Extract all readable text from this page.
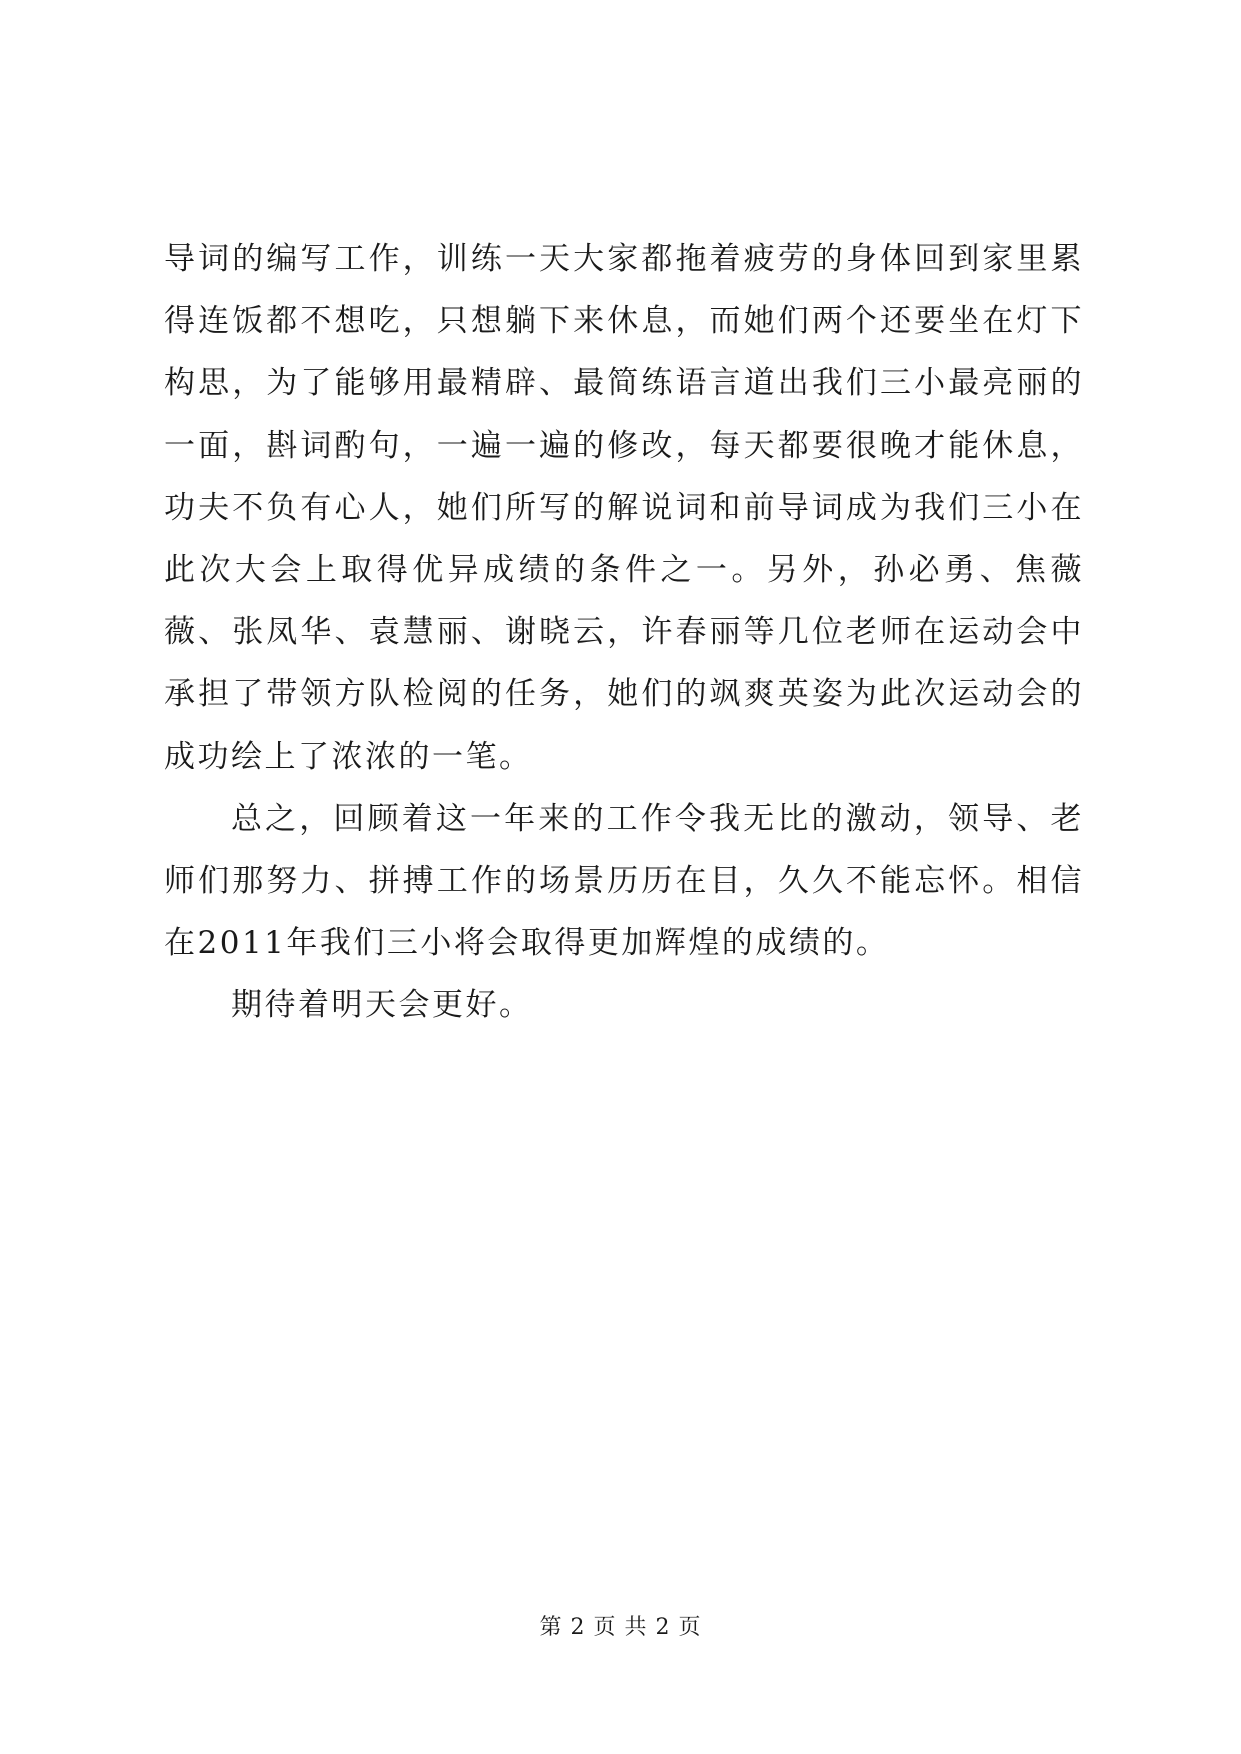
导词的编写工作，训练一天大家都拖着疲劳的身体回到家里累得连饭都不想吃，只想躺下来休息，而她们两个还要坐在灯下构思，为了能够用最精辟、最简练语言道出我们三小最亮丽的一面，斟词酌句，一遍一遍的修改，每天都要很晚才能休息，功夫不负有心人，她们所写的解说词和前导词成为我们三小在此次大会上取得优异成绩的条件之一。另外，孙必勇、焦薇薇、张凤华、袁慧丽、谢晓云，许春丽等几位老师在运动会中承担了带领方队检阅的任务，她们的飒爽英姿为此次运动会的成功绘上了浓浓的一笔。

总之，回顾着这一年来的工作令我无比的激动，领导、老师们那努力、拼搏工作的场景历历在目，久久不能忘怀。相信在2011年我们三小将会取得更加辉煌的成绩的。

期待着明天会更好。

第 2 页 共 2 页
